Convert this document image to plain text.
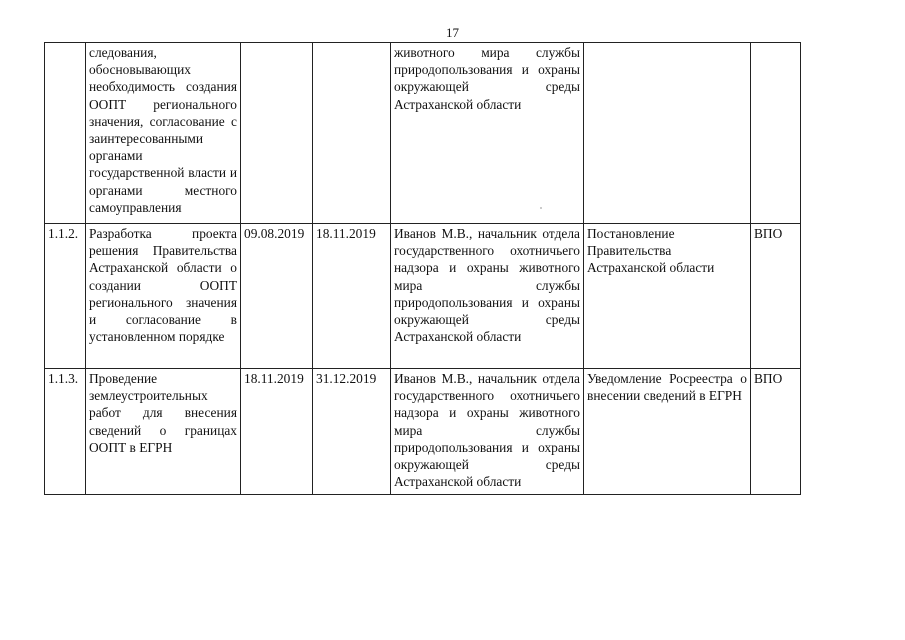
17
	следования, обосновывающих необходимость создания ООПТ регионального значения, согласование с заинтересованными органами государственной власти и органами местного самоуправления			животного мира службы природопользования и охраны окружающей среды Астраханской области		
1.1.2.	Разработка проекта решения Правительства Астраханской области о создании ООПТ регионального значения и согласование в установленном порядке	09.08.2019	18.11.2019	Иванов М.В., начальник отдела государственного охотничьего надзора и охраны животного мира службы природопользования и охраны окружающей среды Астраханской области	Постановление Правительства Астраханской области	ВПО
1.1.3.	Проведение землеустроительных работ для внесения сведений о границах ООПТ в ЕГРН	18.11.2019	31.12.2019	Иванов М.В., начальник отдела государственного охотничьего надзора и охраны животного мира службы природопользования и охраны окружающей среды Астраханской области	Уведомление Росреестра о внесении сведений в ЕГРН	ВПО
